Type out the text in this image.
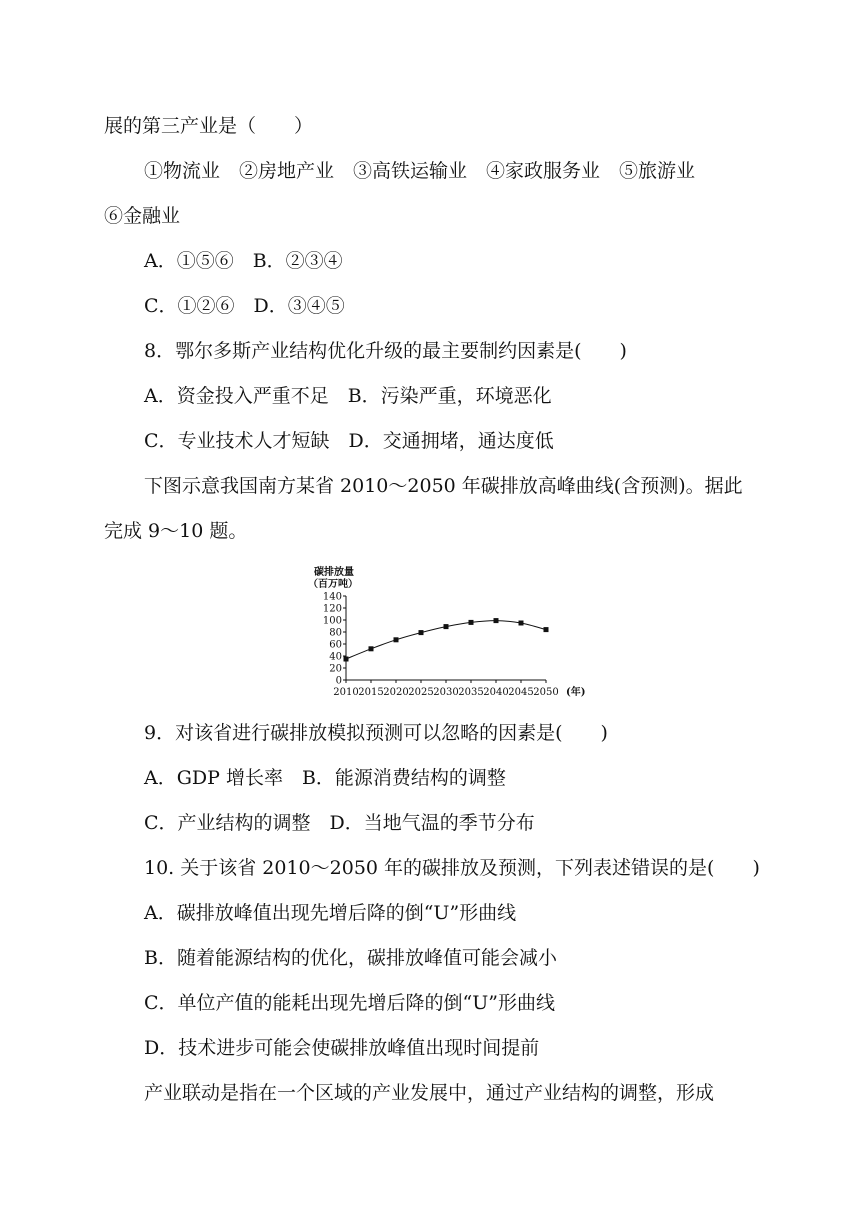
展的第三产业是（　　）
①物流业　②房地产业　③高铁运输业　④家政服务业　⑤旅游业
⑥金融业
A．①⑤⑥　B．②③④
C．①②⑥　D．③④⑤
8．鄂尔多斯产业结构优化升级的最主要制约因素是(　　)
A．资金投入严重不足　B．污染严重，环境恶化
C．专业技术人才短缺　D．交通拥堵，通达度低
下图示意我国南方某省 2010～2050 年碳排放高峰曲线(含预测)。据此
完成 9～10 题。
碳排放量
（百万吨）
0
20
40
60
80
100
120
140
2010 2015 2020 2025 2030 2035 2040 2045 2050 (年)
9．对该省进行碳排放模拟预测可以忽略的因素是(　　)
A．GDP 增长率　B．能源消费结构的调整
C．产业结构的调整　D．当地气温的季节分布
10. 关于该省 2010～2050 年的碳排放及预测，下列表述错误的是(　　)
A．碳排放峰值出现先增后降的倒“U”形曲线
B．随着能源结构的优化，碳排放峰值可能会减小
C．单位产值的能耗出现先增后降的倒“U”形曲线
D．技术进步可能会使碳排放峰值出现时间提前
产业联动是指在一个区域的产业发展中，通过产业结构的调整，形成
